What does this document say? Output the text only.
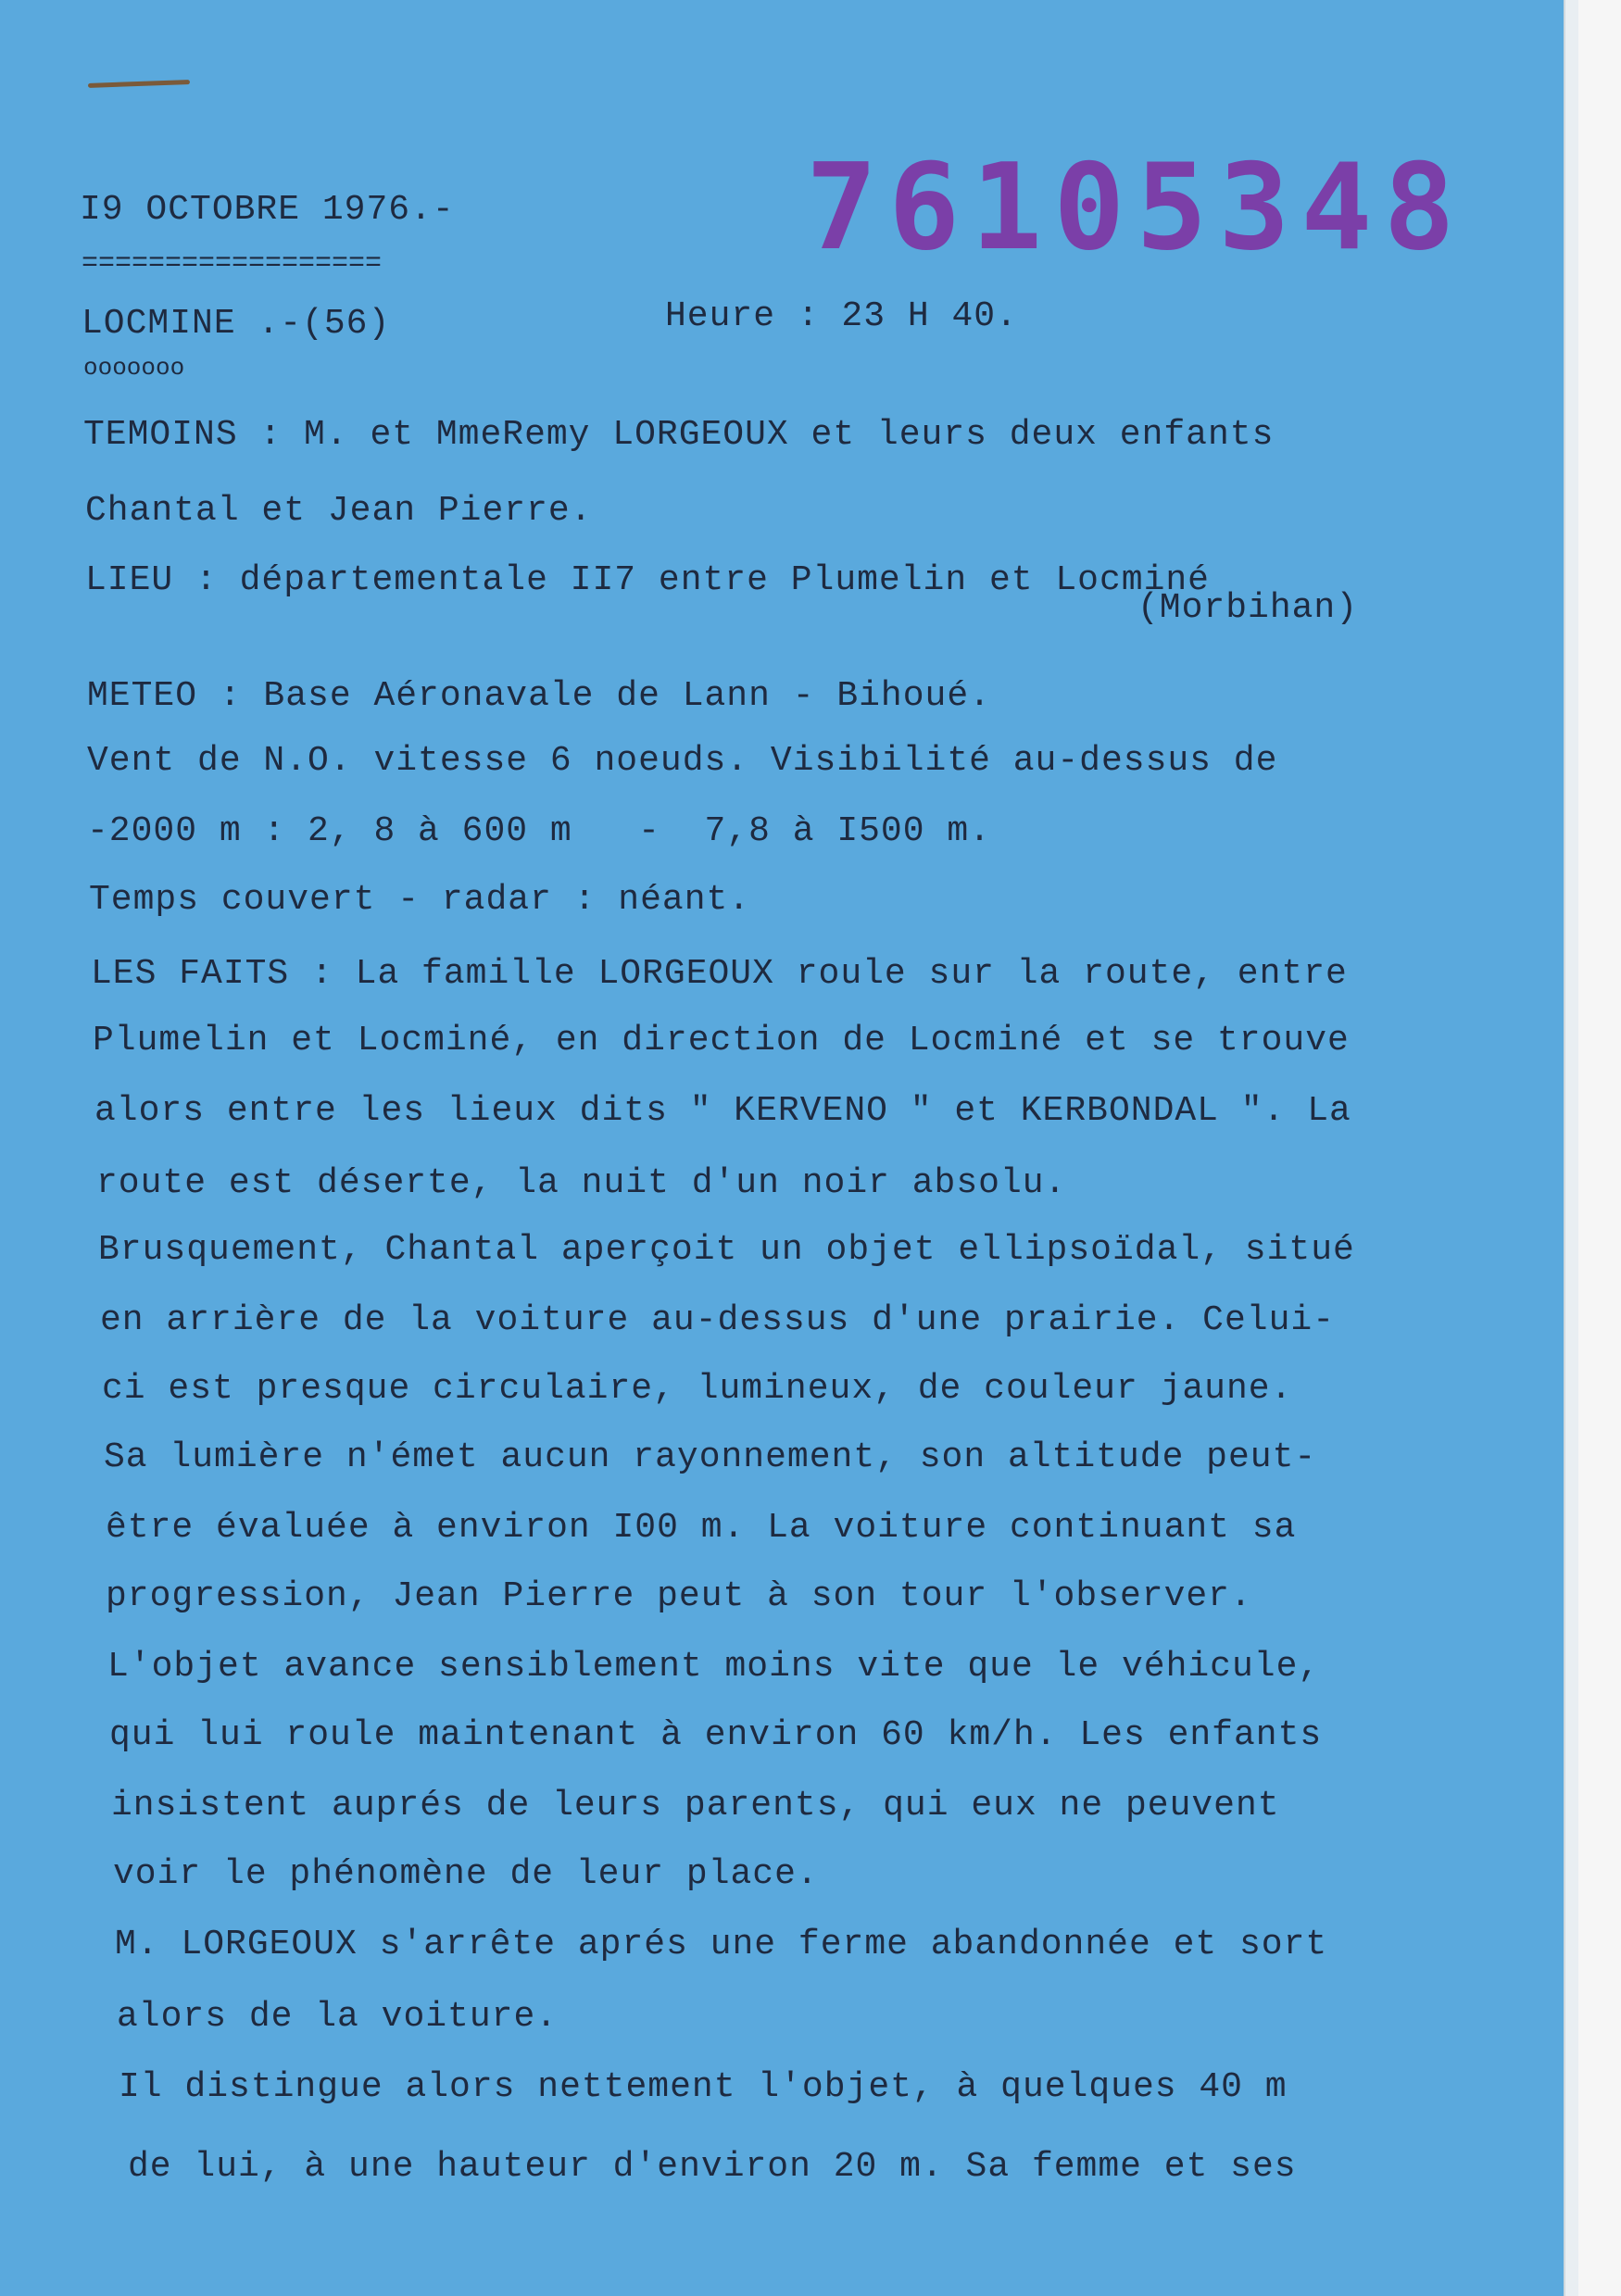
76105348
I9 OCTOBRE 1976.-
==================
LOCMINE .-(56)
ooooooo
Heure : 23 H 40.
TEMOINS : M. et MmeRemy LORGEOUX et leurs deux enfants
Chantal et Jean Pierre.
LIEU : départementale II7 entre Plumelin et Locminé
(Morbihan)
METEO : Base Aéronavale de Lann - Bihoué.
Vent de N.O. vitesse 6 noeuds. Visibilité au-dessus de
-2000 m : 2, 8 à 600 m   -  7,8 à I500 m.
Temps couvert - radar : néant.
LES FAITS : La famille LORGEOUX roule sur la route, entre
Plumelin et Locminé, en direction de Locminé et se trouve
alors entre les lieux dits " KERVENO " et KERBONDAL ". La
route est déserte, la nuit d'un noir absolu.
Brusquement, Chantal aperçoit un objet ellipsoïdal, situé
en arrière de la voiture au-dessus d'une prairie. Celui-
ci est presque circulaire, lumineux, de couleur jaune.
Sa lumière n'émet aucun rayonnement, son altitude peut-
être évaluée à environ I00 m. La voiture continuant sa
progression, Jean Pierre peut à son tour l'observer.
L'objet avance sensiblement moins vite que le véhicule,
qui lui roule maintenant à environ 60 km/h. Les enfants
insistent auprés de leurs parents, qui eux ne peuvent
voir le phénomène de leur place.
M. LORGEOUX s'arrête aprés une ferme abandonnée et sort
alors de la voiture.
Il distingue alors nettement l'objet, à quelques 40 m
de lui, à une hauteur d'environ 20 m. Sa femme et ses
